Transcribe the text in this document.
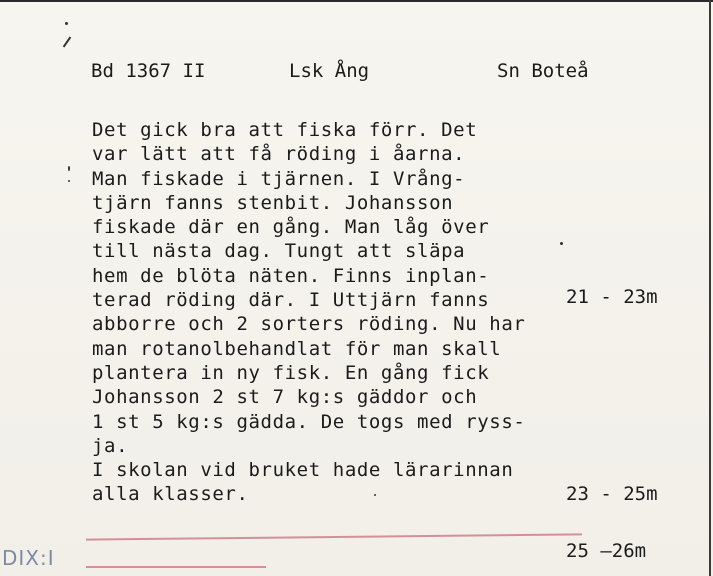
Bd 1367 II	Lsk Ång	Sn Boteå
Det gick bra att fiska förr. Det
var lätt att få röding i åarna.
Man fiskade i tjärnen. I Vrång-
tjärn fanns stenbit. Johansson
fiskade där en gång. Man låg över
till nästa dag. Tungt att släpa
hem de blöta näten. Finns inplan-
terad röding där. I Uttjärn fanns
abborre och 2 sorters röding. Nu har
man rotanolbehandlat för man skall
plantera in ny fisk. En gång fick
Johansson 2 st 7 kg:s gäddor och
1 st 5 kg:s gädda. De togs med ryss-
ja.
I skolan vid bruket hade lärarinnan
alla klasser.
21 - 23m
23 - 25m
25 —26m
DIX:I
